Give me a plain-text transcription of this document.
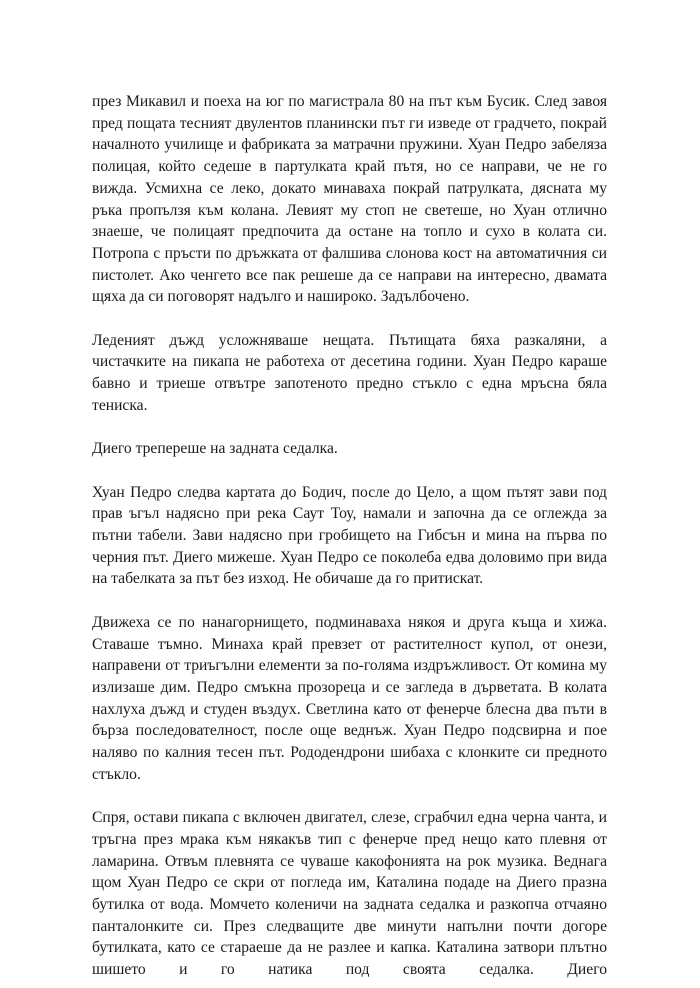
през Микавил и поеха на юг по магистрала 80 на път към Бусик. След завоя пред пощата тесният двулентов планински път ги изведе от градчето, покрай началното училище и фабриката за матрачни пружини. Хуан Педро забеляза полицая, който седеше в партулката край пътя, но се направи, че не го вижда. Усмихна се леко, докато минаваха покрай патрулката, дясната му ръка пропълзя към колана. Левият му стоп не светеше, но Хуан отлично знаеше, че полицаят предпочита да остане на топло и сухо в колата си. Потропа с пръсти по дръжката от фалшива слонова кост на автоматичния си пистолет. Ако ченгето все пак решеше да се направи на интересно, двамата щяха да си поговорят надълго и нашироко. Задълбочено.

Леденият дъжд усложняваше нещата. Пътищата бяха разкаляни, а чистачките на пикапа не работеха от десетина години. Хуан Педро караше бавно и триеше отвътре запотеното предно стъкло с една мръсна бяла тениска.

Диего трепереше на задната седалка.

Хуан Педро следва картата до Бодич, после до Цело, а щом пътят зави под прав ъгъл надясно при река Саут Тоу, намали и започна да се оглежда за пътни табели. Зави надясно при гробището на Гибсън и мина на първа по черния път. Диего мижеше. Хуан Педро се поколеба едва доловимо при вида на табелката за път без изход. Не обичаше да го притискат.

Движеха се по нанагорнището, подминаваха някоя и друга къща и хижа. Ставаше тъмно. Минаха край превзет от растителност купол, от онези, направени от триъгълни елементи за по-голяма издръжливост. От комина му излизаше дим. Педро смъкна прозореца и се загледа в дърветата. В колата нахлуха дъжд и студен въздух. Светлина като от фенерче блесна два пъти в бърза последователност, после още веднъж. Хуан Педро подсвирна и пое наляво по калния тесен път. Рододендрони шибаха с клонките си предното стъкло.

Спря, остави пикапа с включен двигател, слезе, сграбчил една черна чанта, и тръгна през мрака към някакъв тип с фенерче пред нещо като плевня от ламарина. Отвъм плевнята се чуваше какофонията на рок музика. Веднага щом Хуан Педро се скри от погледа им, Каталина подаде на Диего празна бутилка от вода. Момчето коленичи на задната седалка и разкопча отчаяно панталонките си. През следващите две минути напълни почти догоре бутилката, като се стараеше да не разлее и капка. Каталина затвори плътно шишето и го натика под своята седалка. Диего
